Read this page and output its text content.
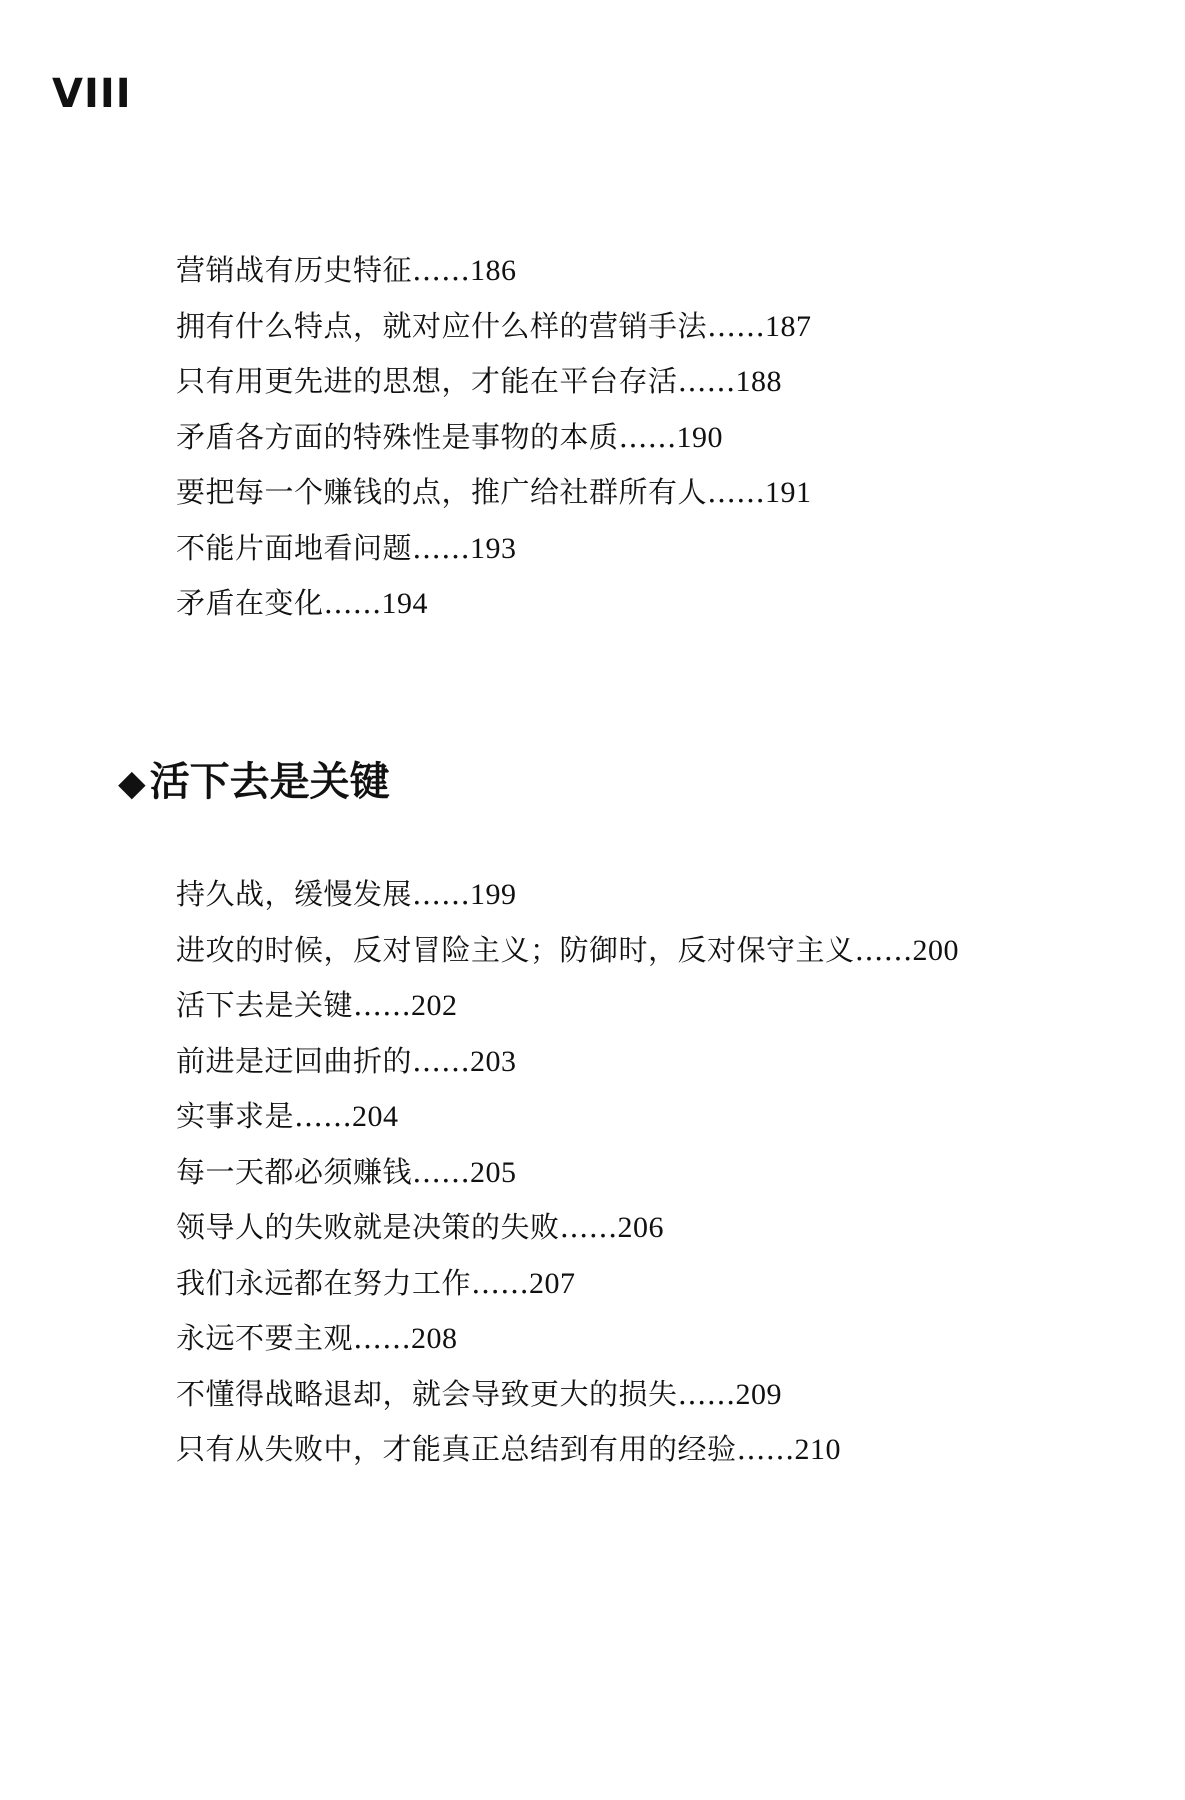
VIII
营销战有历史特征……186
拥有什么特点，就对应什么样的营销手法……187
只有用更先进的思想，才能在平台存活……188
矛盾各方面的特殊性是事物的本质……190
要把每一个赚钱的点，推广给社群所有人……191
不能片面地看问题……193
矛盾在变化……194
◆ 活下去是关键
持久战，缓慢发展……199
进攻的时候，反对冒险主义；防御时，反对保守主义……200
活下去是关键……202
前进是迂回曲折的……203
实事求是……204
每一天都必须赚钱……205
领导人的失败就是决策的失败……206
我们永远都在努力工作……207
永远不要主观……208
不懂得战略退却，就会导致更大的损失……209
只有从失败中，才能真正总结到有用的经验……210
